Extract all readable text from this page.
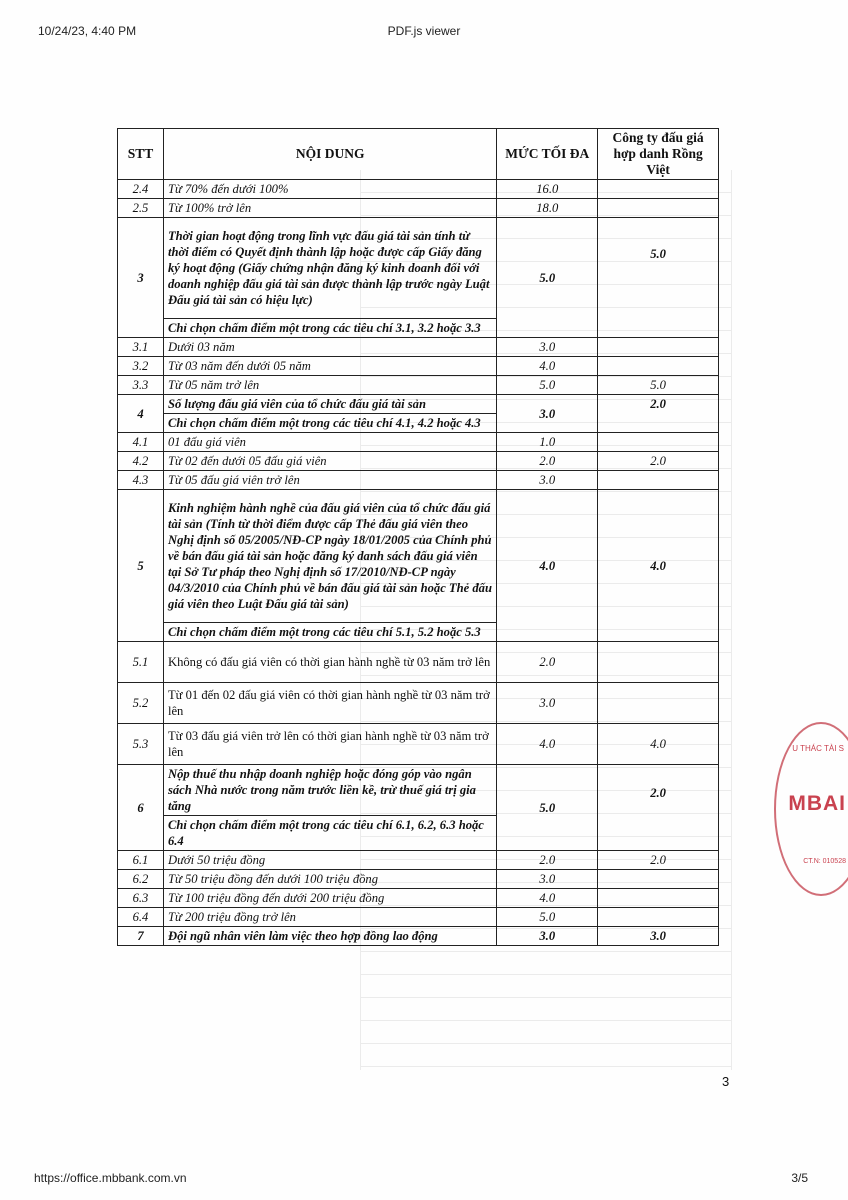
10/24/23, 4:40 PM	PDF.js viewer
STT	NỘI DUNG	MỨC TỐI ĐA	Công ty đấu giá hợp danh Rồng Việt
2.4	Từ 70% đến dưới 100%	16.0	
2.5	Từ 100% trở lên	18.0	
3	Thời gian hoạt động trong lĩnh vực đấu giá tài sản tính từ thời điểm có Quyết định thành lập hoặc được cấp Giấy đăng ký hoạt động (Giấy chứng nhận đăng ký kinh doanh đối với doanh nghiệp đấu giá tài sản được thành lập trước ngày Luật Đấu giá tài sản có hiệu lực)	5.0	5.0
	Chỉ chọn chấm điểm một trong các tiêu chí 3.1, 3.2 hoặc 3.3		
3.1	Dưới 03 năm	3.0	
3.2	Từ 03 năm đến dưới 05 năm	4.0	
3.3	Từ 05 năm trở lên	5.0	5.0
4	Số lượng đấu giá viên của tổ chức đấu giá tài sản	3.0	2.0
	Chỉ chọn chấm điểm một trong các tiêu chí 4.1, 4.2 hoặc 4.3		
4.1	01 đấu giá viên	1.0	
4.2	Từ 02 đến dưới 05 đấu giá viên	2.0	2.0
4.3	Từ 05 đấu giá viên trở lên	3.0	
5	Kinh nghiệm hành nghề của đấu giá viên của tổ chức đấu giá tài sản (Tính từ thời điểm được cấp Thẻ đấu giá viên theo Nghị định số 05/2005/NĐ-CP ngày 18/01/2005 của Chính phủ về bán đấu giá tài sản hoặc đăng ký danh sách đấu giá viên tại Sở Tư pháp theo Nghị định số 17/2010/NĐ-CP ngày 04/3/2010 của Chính phủ về bán đấu giá tài sản hoặc Thẻ đấu giá viên theo Luật Đấu giá tài sản)	4.0	4.0
	Chỉ chọn chấm điểm một trong các tiêu chí 5.1, 5.2 hoặc 5.3		
5.1	Không có đấu giá viên có thời gian hành nghề từ 03 năm trở lên	2.0	
5.2	Từ 01 đến 02 đấu giá viên có thời gian hành nghề từ 03 năm trở lên	3.0	
5.3	Từ 03 đấu giá viên trở lên có thời gian hành nghề từ 03 năm trở lên	4.0	4.0
6	Nộp thuế thu nhập doanh nghiệp hoặc đóng góp vào ngân sách Nhà nước trong năm trước liền kề, trừ thuế giá trị gia tăng	5.0	2.0
	Chỉ chọn chấm điểm một trong các tiêu chí 6.1, 6.2, 6.3 hoặc 6.4		
6.1	Dưới 50 triệu đồng	2.0	2.0
6.2	Từ 50 triệu đồng đến dưới 100 triệu đồng	3.0	
6.3	Từ 100 triệu đồng đến dưới 200 triệu đồng	4.0	
6.4	Từ 200 triệu đồng trở lên	5.0	
7	Đội ngũ nhân viên làm việc theo hợp đồng lao động	3.0	3.0
3
U THÁC TÀI S
MBAI
CT.N: 010528
https://office.mbbank.com.vn	3/5
